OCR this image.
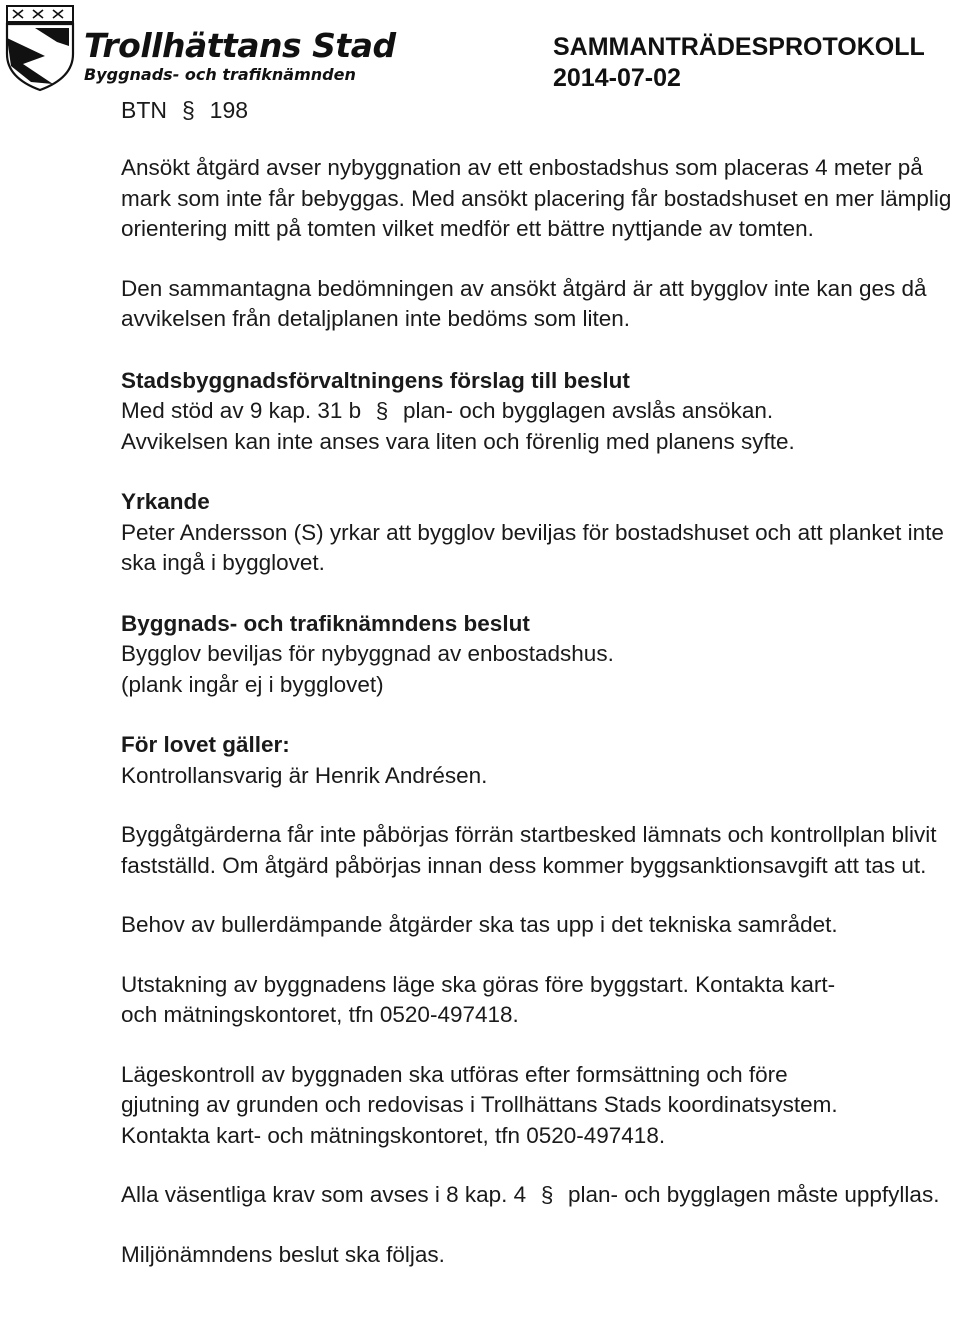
Trollhättans Stad
Byggnads- och trafiknämnden
SAMMANTRÄDESPROTOKOLL
2014-07-02
BTN § 198

Ansökt åtgärd avser nybyggnation av ett enbostadshus som placeras 4 meter på mark som inte får bebyggas. Med ansökt placering får bostadshuset en mer lämplig orientering mitt på tomten vilket medför ett bättre nyttjande av tomten.

Den sammantagna bedömningen av ansökt åtgärd är att bygglov inte kan ges då avvikelsen från detaljplanen inte bedöms som liten.

Stadsbyggnadsförvaltningens förslag till beslut

Med stöd av 9 kap. 31 b § plan- och bygglagen avslås ansökan.

Avvikelsen kan inte anses vara liten och förenlig med planens syfte.

Yrkande

Peter Andersson (S) yrkar att bygglov beviljas för bostadshuset och att planket inte ska ingå i bygglovet.

Byggnads- och trafiknämndens beslut

Bygglov beviljas för nybyggnad av enbostadshus.

(plank ingår ej i bygglovet)

För lovet gäller:

Kontrollansvarig är Henrik Andrésen.

Byggåtgärderna får inte påbörjas förrän startbesked lämnats och kontrollplan blivit fastställd. Om åtgärd påbörjas innan dess kommer byggsanktionsavgift att tas ut.

Behov av bullerdämpande åtgärder ska tas upp i det tekniska samrådet.

Utstakning av byggnadens läge ska göras före byggstart. Kontakta kart-

och mätningskontoret, tfn 0520-497418.

Lägeskontroll av byggnaden ska utföras efter formsättning och före

gjutning av grunden och redovisas i Trollhättans Stads koordinatsystem.

Kontakta kart- och mätningskontoret, tfn 0520-497418.

Alla väsentliga krav som avses i 8 kap. 4 § plan- och bygglagen måste uppfyllas.

Miljönämndens beslut ska följas.
